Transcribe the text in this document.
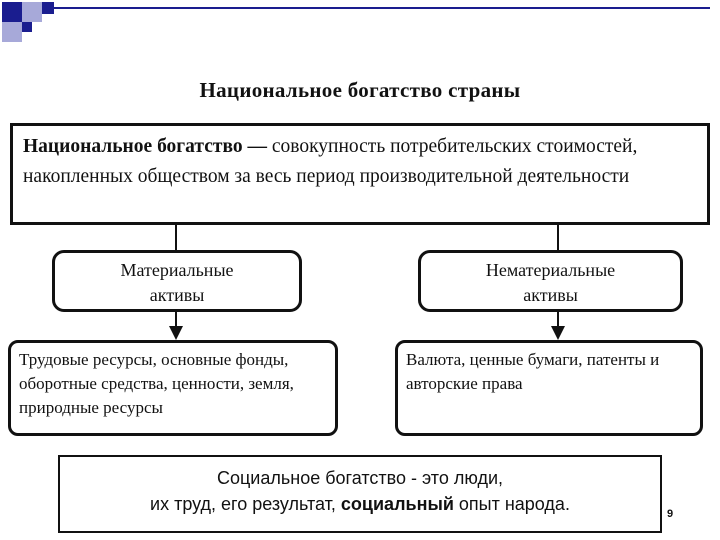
Национальное богатство страны
Национальное богатство — совокупность потребительских стоимостей, накопленных обществом за весь период производительной деятельности
Материальные
активы
Нематериальные
активы
Трудовые ресурсы, основные фонды, оборотные средства, ценности, земля, природные ресурсы
Валюта, ценные бумаги, патенты и авторские права
Социальное богатство - это люди,
их труд, его результат, социальный опыт народа.	9
